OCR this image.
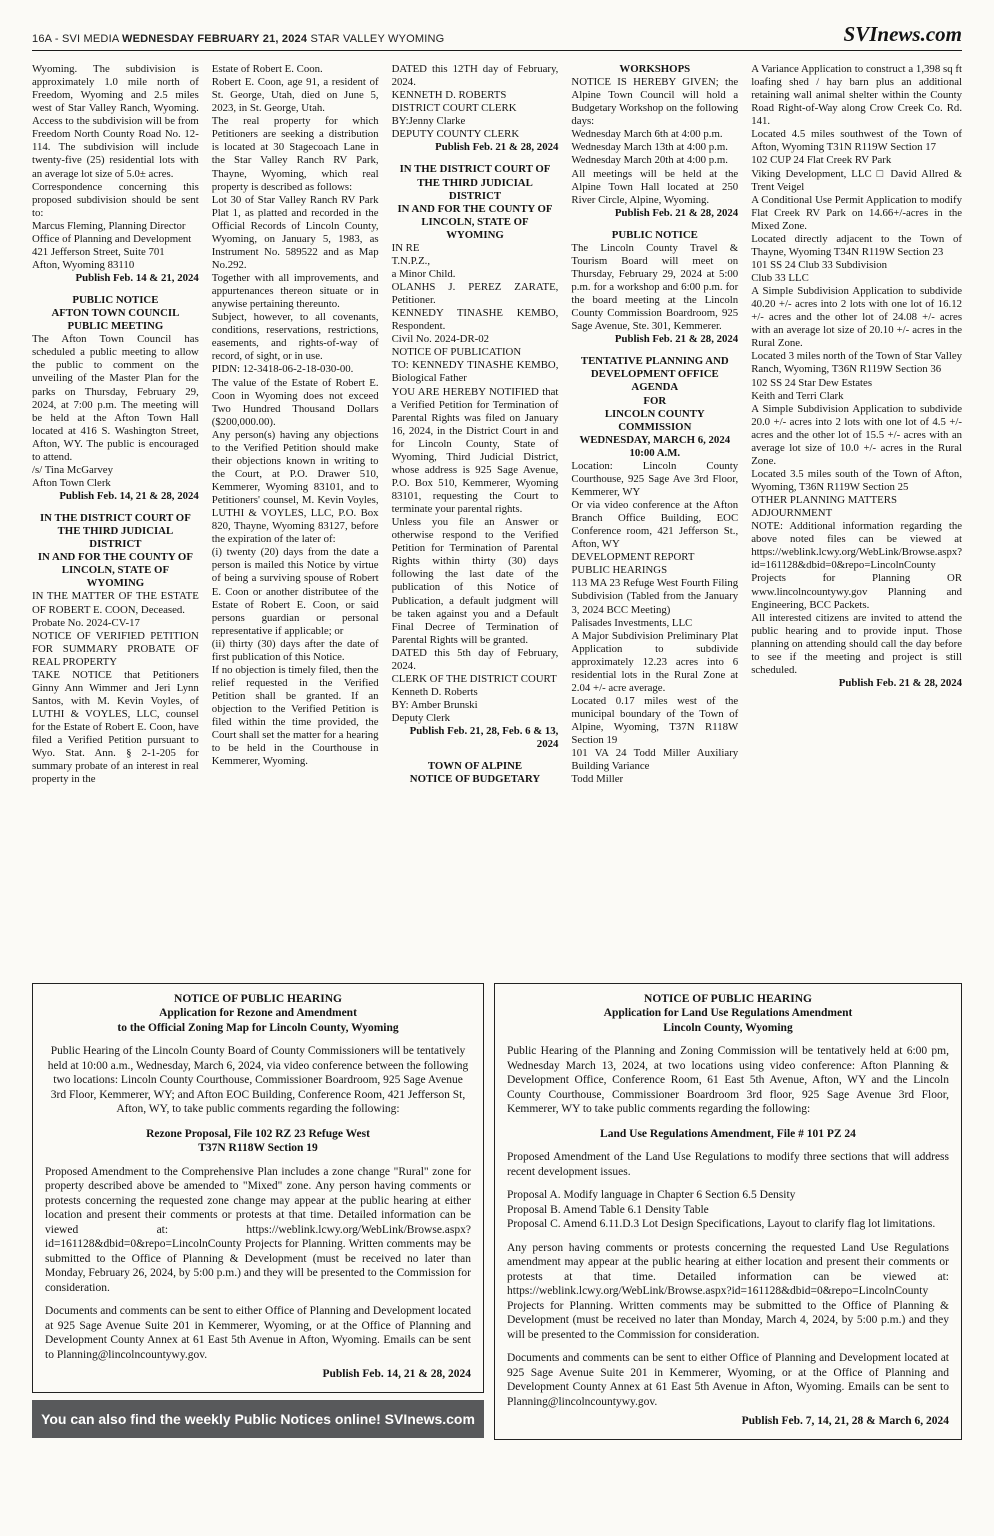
16A - SVI MEDIA WEDNESDAY FEBRUARY 21, 2024 STAR VALLEY WYOMING	SVInews.com

Wyoming. The subdivision is approximately 1.0 mile north of Freedom, Wyoming and 2.5 miles west of Star Valley Ranch, Wyoming. Access to the subdivision will be from Freedom North County Road No. 12-114. The subdivision will include twenty-five (25) residential lots with an average lot size of 5.0± acres.

Correspondence concerning this proposed subdivision should be sent to:

Marcus Fleming, Planning Director

Office of Planning and Development

421 Jefferson Street, Suite 701

Afton, Wyoming 83110

Publish Feb. 14 & 21, 2024

PUBLIC NOTICE

AFTON TOWN COUNCIL

PUBLIC MEETING

The Afton Town Council has scheduled a public meeting to allow the public to comment on the unveiling of the Master Plan for the parks on Thursday, February 29, 2024, at 7:00 p.m. The meeting will be held at the Afton Town Hall located at 416 S. Washington Street, Afton, WY. The public is encouraged to attend.

/s/ Tina McGarvey

Afton Town Clerk

Publish Feb. 14, 21 & 28, 2024

IN THE DISTRICT COURT OF THE THIRD JUDICIAL DISTRICT

IN AND FOR THE COUNTY OF LINCOLN, STATE OF WYOMING

IN THE MATTER OF THE ESTATE OF ROBERT E. COON, Deceased.

Probate No. 2024-CV-17

NOTICE OF VERIFIED PETITION FOR SUMMARY PROBATE OF REAL PROPERTY

TAKE NOTICE that Petitioners Ginny Ann Wimmer and Jeri Lynn Santos, with M. Kevin Voyles, of LUTHI & VOYLES, LLC, counsel for the Estate of Robert E. Coon, have filed a Verified Petition pursuant to Wyo. Stat. Ann. § 2-1-205 for summary probate of an interest in real property in the

Estate of Robert E. Coon.

Robert E. Coon, age 91, a resident of St. George, Utah, died on June 5, 2023, in St. George, Utah.

The real property for which Petitioners are seeking a distribution is located at 30 Stagecoach Lane in the Star Valley Ranch RV Park, Thayne, Wyoming, which real property is described as follows:

Lot 30 of Star Valley Ranch RV Park Plat 1, as platted and recorded in the Official Records of Lincoln County, Wyoming, on January 5, 1983, as Instrument No. 589522 and as Map No.292.

Together with all improvements, and appurtenances thereon situate or in anywise pertaining thereunto.

Subject, however, to all covenants, conditions, reservations, restrictions, easements, and rights-of-way of record, of sight, or in use.

PIDN: 12-3418-06-2-18-030-00.

The value of the Estate of Robert E. Coon in Wyoming does not exceed Two Hundred Thousand Dollars ($200,000.00).

Any person(s) having any objections to the Verified Petition should make their objections known in writing to the Court, at P.O. Drawer 510, Kemmerer, Wyoming 83101, and to Petitioners' counsel, M. Kevin Voyles, LUTHI & VOYLES, LLC, P.O. Box 820, Thayne, Wyoming 83127, before the expiration of the later of:

(i) twenty (20) days from the date a person is mailed this Notice by virtue of being a surviving spouse of Robert E. Coon or another distributee of the Estate of Robert E. Coon, or said persons guardian or personal representative if applicable; or

(ii) thirty (30) days after the date of first publication of this Notice.

If no objection is timely filed, then the relief requested in the Verified Petition shall be granted. If an objection to the Verified Petition is filed within the time provided, the Court shall set the matter for a hearing to be held in the Courthouse in Kemmerer, Wyoming.

DATED this 12TH day of February, 2024.

KENNETH D. ROBERTS

DISTRICT COURT CLERK

BY:Jenny Clarke

DEPUTY COUNTY CLERK

Publish Feb. 21 & 28, 2024

IN THE DISTRICT COURT OF THE THIRD JUDICIAL DISTRICT

IN AND FOR THE COUNTY OF LINCOLN, STATE OF WYOMING

IN RE

T.N.P.Z.,

a Minor Child.

OLANHS J. PEREZ ZARATE, Petitioner.

KENNEDY TINASHE KEMBO, Respondent.

Civil No. 2024-DR-02

NOTICE OF PUBLICATION

TO: KENNEDY TINASHE KEMBO, Biological Father

YOU ARE HEREBY NOTIFIED that a Verified Petition for Termination of Parental Rights was filed on January 16, 2024, in the District Court in and for Lincoln County, State of Wyoming, Third Judicial District, whose address is 925 Sage Avenue, P.O. Box 510, Kemmerer, Wyoming 83101, requesting the Court to terminate your parental rights.

Unless you file an Answer or otherwise respond to the Verified Petition for Termination of Parental Rights within thirty (30) days following the last date of the publication of this Notice of Publication, a default judgment will be taken against you and a Default Final Decree of Termination of Parental Rights will be granted.

DATED this 5th day of February, 2024.

CLERK OF THE DISTRICT COURT

Kenneth D. Roberts

BY: Amber Brunski

Deputy Clerk

Publish Feb. 21, 28, Feb. 6 & 13, 2024

TOWN OF ALPINE

NOTICE OF BUDGETARY

WORKSHOPS

NOTICE IS HEREBY GIVEN; the Alpine Town Council will hold a Budgetary Workshop on the following days:

Wednesday March 6th at 4:00 p.m.

Wednesday March 13th at 4:00 p.m.

Wednesday March 20th at 4:00 p.m.

All meetings will be held at the Alpine Town Hall located at 250 River Circle, Alpine, Wyoming.

Publish Feb. 21 & 28, 2024

PUBLIC NOTICE

The Lincoln County Travel & Tourism Board will meet on Thursday, February 29, 2024 at 5:00 p.m. for a workshop and 6:00 p.m. for the board meeting at the Lincoln County Commission Boardroom, 925 Sage Avenue, Ste. 301, Kemmerer.

Publish Feb. 21 & 28, 2024

TENTATIVE PLANNING AND DEVELOPMENT OFFICE AGENDA

FOR

LINCOLN COUNTY COMMISSION

WEDNESDAY, MARCH 6, 2024

10:00 A.M.

Location: Lincoln County Courthouse, 925 Sage Ave 3rd Floor, Kemmerer, WY

Or via video conference at the Afton Branch Office Building, EOC Conference room, 421 Jefferson St., Afton, WY

DEVELOPMENT REPORT

PUBLIC HEARINGS

113 MA 23 Refuge West Fourth Filing Subdivision (Tabled from the January 3, 2024 BCC Meeting)

Palisades Investments, LLC

A Major Subdivision Preliminary Plat Application to subdivide approximately 12.23 acres into 6 residential lots in the Rural Zone at 2.04 +/- acre average.

Located 0.17 miles west of the municipal boundary of the Town of Alpine, Wyoming, T37N R118W Section 19

101 VA 24 Todd Miller Auxiliary Building Variance

Todd Miller

A Variance Application to construct a 1,398 sq ft loafing shed / hay barn plus an additional retaining wall animal shelter within the County Road Right-of-Way along Crow Creek Co. Rd. 141.

Located 4.5 miles southwest of the Town of Afton, Wyoming T31N R119W Section 17

102 CUP 24 Flat Creek RV Park

Viking Development, LLC □ David Allred & Trent Veigel

A Conditional Use Permit Application to modify Flat Creek RV Park on 14.66+/-acres in the Mixed Zone.

Located directly adjacent to the Town of Thayne, Wyoming T34N R119W Section 23

101 SS 24 Club 33 Subdivision

Club 33 LLC

A Simple Subdivision Application to subdivide 40.20 +/- acres into 2 lots with one lot of 16.12 +/- acres and the other lot of 24.08 +/- acres with an average lot size of 20.10 +/- acres in the Rural Zone.

Located 3 miles north of the Town of Star Valley Ranch, Wyoming, T36N R119W Section 36

102 SS 24 Star Dew Estates

Keith and Terri Clark

A Simple Subdivision Application to subdivide 20.0 +/- acres into 2 lots with one lot of 4.5 +/- acres and the other lot of 15.5 +/- acres with an average lot size of 10.0 +/- acres in the Rural Zone.

Located 3.5 miles south of the Town of Afton, Wyoming, T36N R119W Section 25

OTHER PLANNING MATTERS

ADJOURNMENT

NOTE: Additional information regarding the above noted files can be viewed at https://weblink.lcwy.org/WebLink/Browse.aspx?id=161128&dbid=0&repo=LincolnCounty Projects for Planning OR www.lincolncountywy.gov Planning and Engineering, BCC Packets.

All interested citizens are invited to attend the public hearing and to provide input. Those planning on attending should call the day before to see if the meeting and project is still scheduled.

Publish Feb. 21 & 28, 2024

NOTICE OF PUBLIC HEARING

Application for Rezone and Amendment

to the Official Zoning Map for Lincoln County, Wyoming

Public Hearing of the Lincoln County Board of County Commissioners will be tentatively held at 10:00 a.m., Wednesday, March 6, 2024, via video conference between the following two locations: Lincoln County Courthouse, Commissioner Boardroom, 925 Sage Avenue 3rd Floor, Kemmerer, WY; and Afton EOC Building, Conference Room, 421 Jefferson St, Afton, WY, to take public comments regarding the following:

Rezone Proposal, File 102 RZ 23 Refuge West

T37N R118W Section 19

Proposed Amendment to the Comprehensive Plan includes a zone change "Rural" zone for property described above be amended to "Mixed" zone. Any person having comments or protests concerning the requested zone change may appear at the public hearing at either location and present their comments or protests at that time. Detailed information can be viewed at: https://weblink.lcwy.org/WebLink/Browse.aspx?id=161128&dbid=0&repo=LincolnCounty Projects for Planning. Written comments may be submitted to the Office of Planning & Development (must be received no later than Monday, February 26, 2024, by 5:00 p.m.) and they will be presented to the Commission for consideration.

Documents and comments can be sent to either Office of Planning and Development located at 925 Sage Avenue Suite 201 in Kemmerer, Wyoming, or at the Office of Planning and Development County Annex at 61 East 5th Avenue in Afton, Wyoming. Emails can be sent to Planning@lincolncountywy.gov.

Publish Feb. 14, 21 & 28, 2024

You can also find the weekly Public Notices online! SVInews.com

NOTICE OF PUBLIC HEARING

Application for Land Use Regulations Amendment

Lincoln County, Wyoming

Public Hearing of the Planning and Zoning Commission will be tentatively held at 6:00 pm, Wednesday March 13, 2024, at two locations using video conference: Afton Planning & Development Office, Conference Room, 61 East 5th Avenue, Afton, WY and the Lincoln County Courthouse, Commissioner Boardroom 3rd floor, 925 Sage Avenue 3rd Floor, Kemmerer, WY to take public comments regarding the following:

Land Use Regulations Amendment, File # 101 PZ 24

Proposed Amendment of the Land Use Regulations to modify three sections that will address recent development issues.

Proposal A. Modify language in Chapter 6 Section 6.5 Density

Proposal B. Amend Table 6.1 Density Table

Proposal C. Amend 6.11.D.3 Lot Design Specifications, Layout to clarify flag lot limitations.

Any person having comments or protests concerning the requested Land Use Regulations amendment may appear at the public hearing at either location and present their comments or protests at that time. Detailed information can be viewed at: https://weblink.lcwy.org/WebLink/Browse.aspx?id=161128&dbid=0&repo=LincolnCounty Projects for Planning. Written comments may be submitted to the Office of Planning & Development (must be received no later than Monday, March 4, 2024, by 5:00 p.m.) and they will be presented to the Commission for consideration.

Documents and comments can be sent to either Office of Planning and Development located at 925 Sage Avenue Suite 201 in Kemmerer, Wyoming, or at the Office of Planning and Development County Annex at 61 East 5th Avenue in Afton, Wyoming. Emails can be sent to Planning@lincolncountywy.gov.

Publish Feb. 7, 14, 21, 28 & March 6, 2024
